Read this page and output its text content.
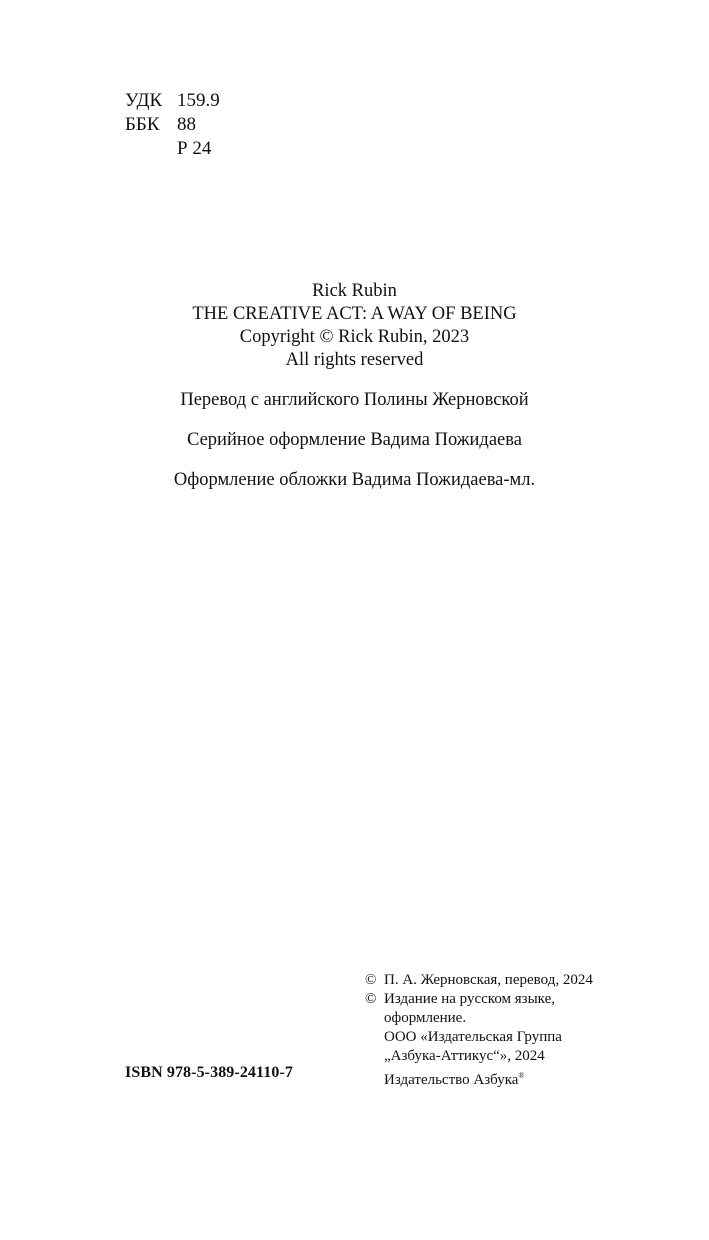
УДК 159.9
ББК 88
Р 24
Rick Rubin
THE CREATIVE ACT: A WAY OF BEING
Copyright © Rick Rubin, 2023
All rights reserved
Перевод с английского Полины Жерновской
Серийное оформление Вадима Пожидаева
Оформление обложки Вадима Пожидаева-мл.
ISBN 978-5-389-24110-7
© П. А. Жерновская, перевод, 2024
© Издание на русском языке,
оформление.
ООО «Издательская Группа
„Азбука-Аттикус“», 2024
Издательство Азбука®
